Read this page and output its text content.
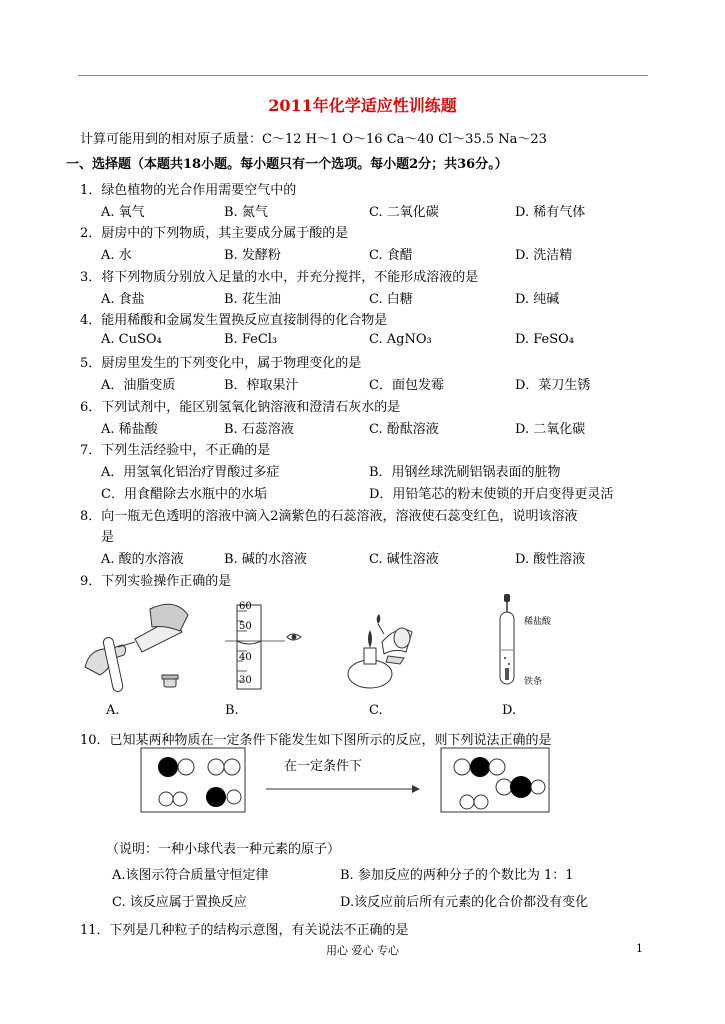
2011年化学适应性训练题
计算可能用到的相对原子质量：C～12 H～1 O～16 Ca～40 Cl～35.5 Na～23
一、选择题（本题共18小题。每小题只有一个选项。每小题2分；共36分。）
1．绿色植物的光合作用需要空气中的
A. 氧气	B. 氮气	C. 二氧化碳	D. 稀有气体
2．厨房中的下列物质，其主要成分属于酸的是
A. 水	B. 发酵粉	C. 食醋	D. 洗洁精
3．将下列物质分别放入足量的水中，并充分搅拌，不能形成溶液的是
A. 食盐	B. 花生油	C. 白糖	D. 纯碱
4．能用稀酸和金属发生置换反应直接制得的化合物是
A. CuSO₄	B. FeCl₃	C. AgNO₃	D. FeSO₄
5．厨房里发生的下列变化中，属于物理变化的是
A．油脂变质	B．榨取果汁	C．面包发霉	D．菜刀生锈
6．下列试剂中，能区别氢氧化钠溶液和澄清石灰水的是
A. 稀盐酸	B. 石蕊溶液	C. 酚酞溶液	D. 二氧化碳
7．下列生活经验中，不正确的是
A．用氢氧化铝治疗胃酸过多症	B．用钢丝球洗刷铝锅表面的脏物
C．用食醋除去水瓶中的水垢	D．用铅笔芯的粉末使锁的开启变得更灵活
8．向一瓶无色透明的溶液中滴入2滴紫色的石蕊溶液，溶液使石蕊变红色，说明该溶液
是
A. 酸的水溶液	B. 碱的水溶液	C. 碱性溶液	D. 酸性溶液
9．下列实验操作正确的是
60
50
40
30
稀盐酸
铁条
A.	B.	C.	D.
10．已知某两种物质在一定条件下能发生如下图所示的反应，则下列说法正确的是
在一定条件下
（说明：一种小球代表一种元素的原子）
A.该图示符合质量守恒定律	B. 参加反应的两种分子的个数比为 1：1
C. 该反应属于置换反应	D.该反应前后所有元素的化合价都没有变化
11．下列是几种粒子的结构示意图，有关说法不正确的是
用心 爱心 专心	1
